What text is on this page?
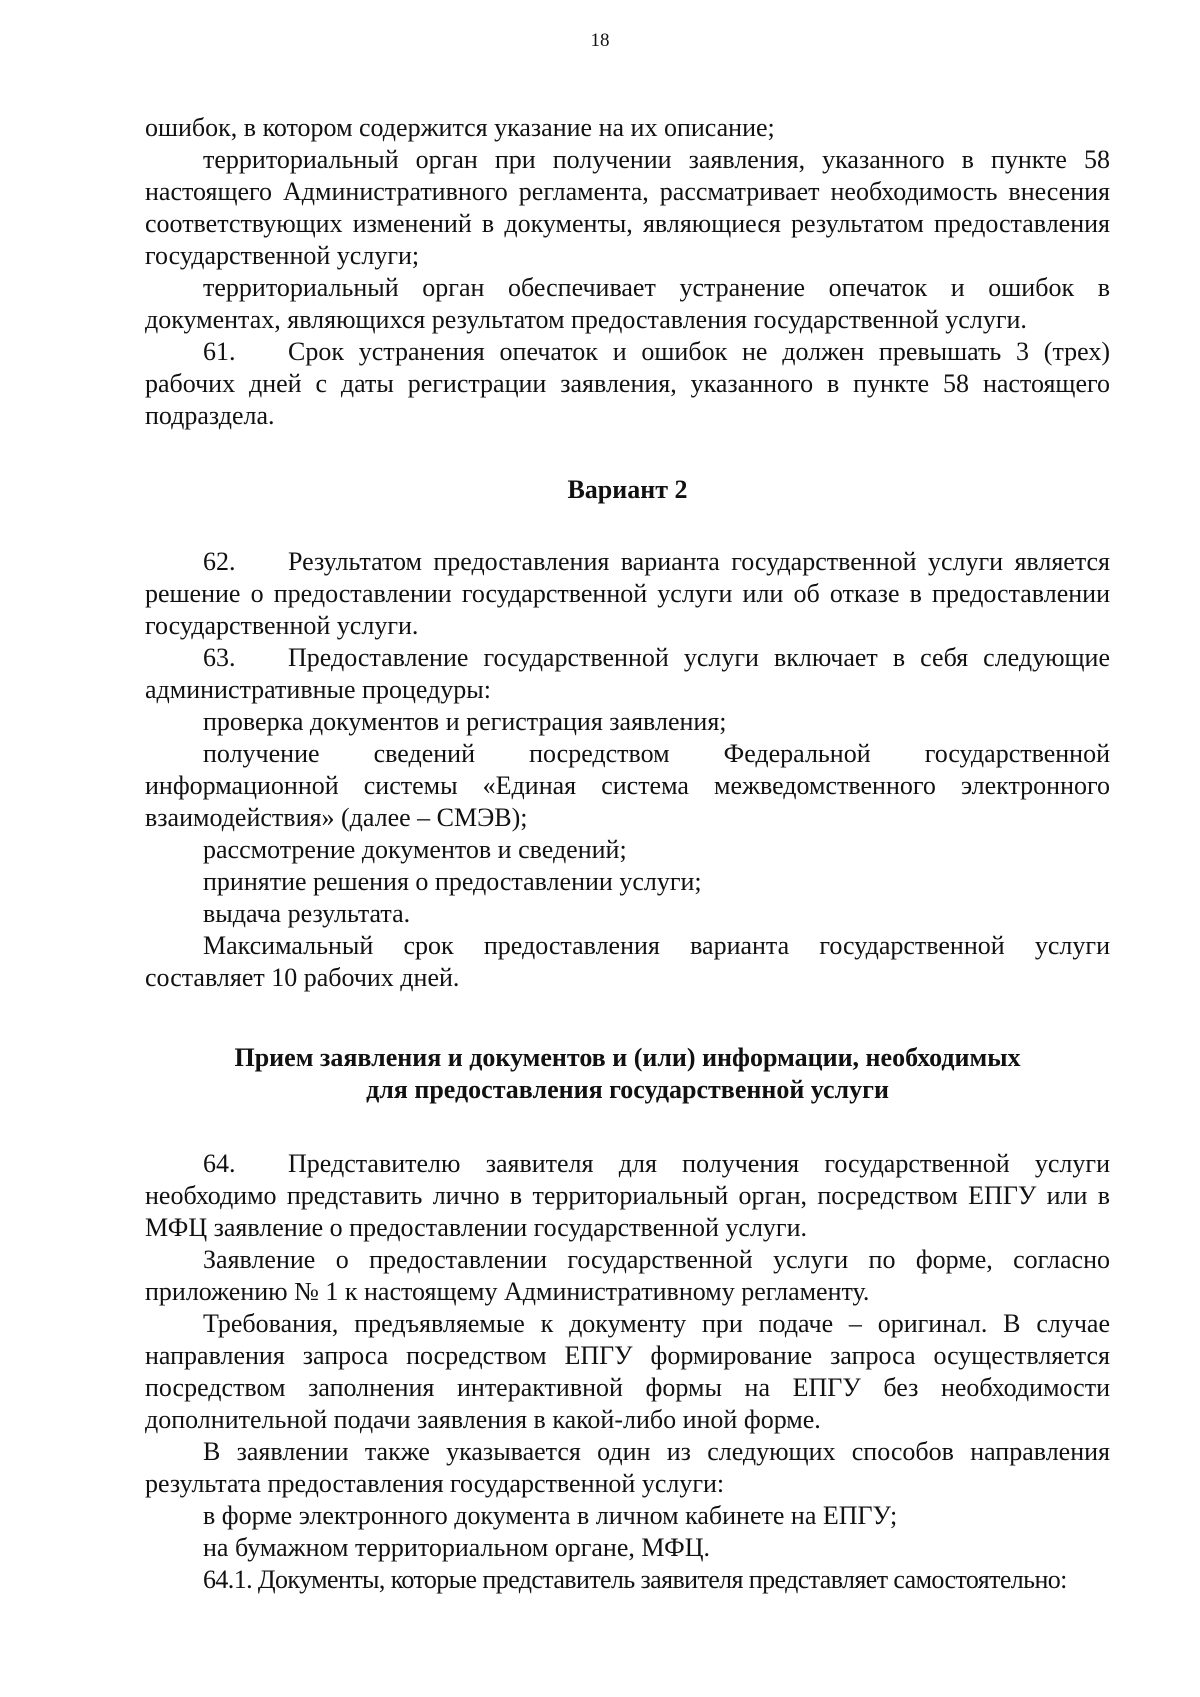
18

ошибок, в котором содержится указание на их описание;

территориальный орган при получении заявления, указанного в пункте 58 настоящего Административного регламента, рассматривает необходимость внесения соответствующих изменений в документы, являющиеся результатом предоставления государственной услуги;

территориальный орган обеспечивает устранение опечаток и ошибок в документах, являющихся результатом предоставления государственной услуги.

61. Срок устранения опечаток и ошибок не должен превышать 3 (трех) рабочих дней с даты регистрации заявления, указанного в пункте 58 настоящего подраздела.

Вариант 2

62. Результатом предоставления варианта государственной услуги является решение о предоставлении государственной услуги или об отказе в предоставлении государственной услуги.

63. Предоставление государственной услуги включает в себя следующие административные процедуры:

проверка документов и регистрация заявления;

получение сведений посредством Федеральной государственной информационной системы «Единая система межведомственного электронного взаимодействия» (далее – СМЭВ);

рассмотрение документов и сведений;

принятие решения о предоставлении услуги;

выдача результата.

Максимальный срок предоставления варианта государственной услуги составляет 10 рабочих дней.

Прием заявления и документов и (или) информации, необходимых

для предоставления государственной услуги

64. Представителю заявителя для получения государственной услуги необходимо представить лично в территориальный орган, посредством ЕПГУ или в МФЦ заявление о предоставлении государственной услуги.

Заявление о предоставлении государственной услуги по форме, согласно приложению № 1 к настоящему Административному регламенту.

Требования, предъявляемые к документу при подаче – оригинал. В случае направления запроса посредством ЕПГУ формирование запроса осуществляется посредством заполнения интерактивной формы на ЕПГУ без необходимости дополнительной подачи заявления в какой-либо иной форме.

В заявлении также указывается один из следующих способов направления результата предоставления государственной услуги:

в форме электронного документа в личном кабинете на ЕПГУ;

на бумажном территориальном органе, МФЦ.

64.1. Документы, которые представитель заявителя представляет самостоятельно:
